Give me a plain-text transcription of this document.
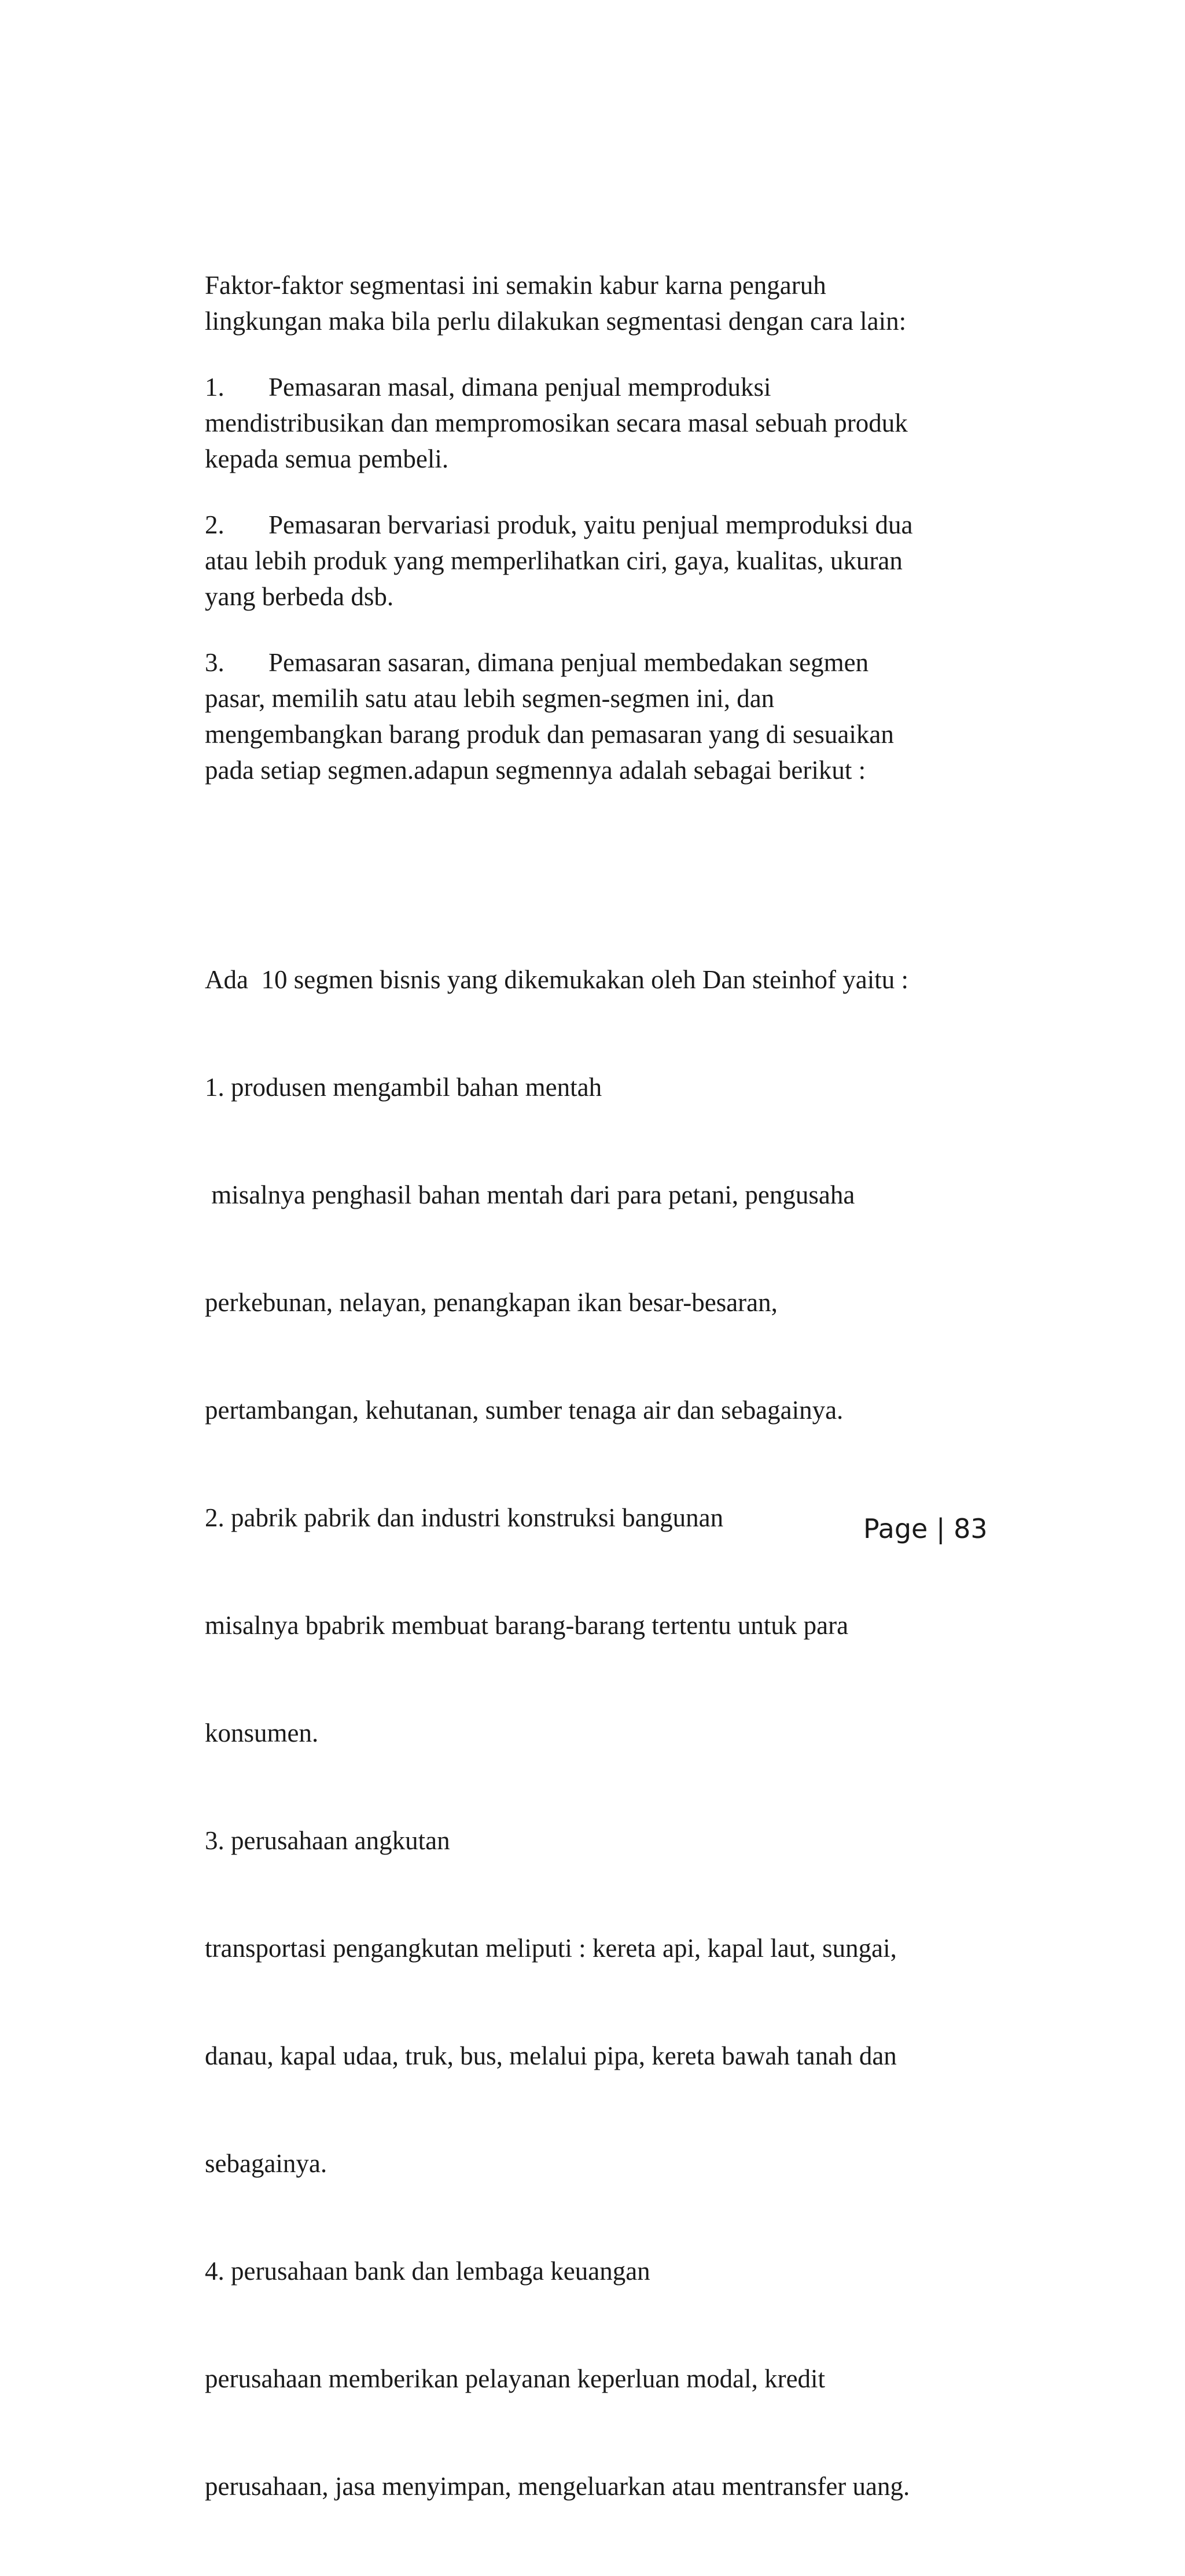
Faktor-faktor segmentasi ini semakin kabur karna pengaruh
lingkungan maka bila perlu dilakukan segmentasi dengan cara lain:
1. Pemasaran masal, dimana penjual memproduksi
mendistribusikan dan mempromosikan secara masal sebuah produk
kepada semua pembeli.
2. Pemasaran bervariasi produk, yaitu penjual memproduksi dua
atau lebih produk yang memperlihatkan ciri, gaya, kualitas, ukuran
yang berbeda dsb.
3. Pemasaran sasaran, dimana penjual membedakan segmen
pasar, memilih satu atau lebih segmen-segmen ini, dan
mengembangkan barang produk dan pemasaran yang di sesuaikan
pada setiap segmen.adapun segmennya adalah sebagai berikut :

Ada  10 segmen bisnis yang dikemukakan oleh Dan steinhof yaitu :

1. produsen mengambil bahan mentah

misalnya penghasil bahan mentah dari para petani, pengusaha

perkebunan, nelayan, penangkapan ikan besar-besaran,

pertambangan, kehutanan, sumber tenaga air dan sebagainya.

2. pabrik pabrik dan industri konstruksi bangunan

misalnya bpabrik membuat barang-barang tertentu untuk para

konsumen.

3. perusahaan angkutan

transportasi pengangkutan meliputi : kereta api, kapal laut, sungai,

danau, kapal udaa, truk, bus, melalui pipa, kereta bawah tanah dan

sebagainya.

4. perusahaan bank dan lembaga keuangan

perusahaan memberikan pelayanan keperluan modal, kredit

perusahaan, jasa menyimpan, mengeluarkan atau mentransfer uang.

Page | 83
